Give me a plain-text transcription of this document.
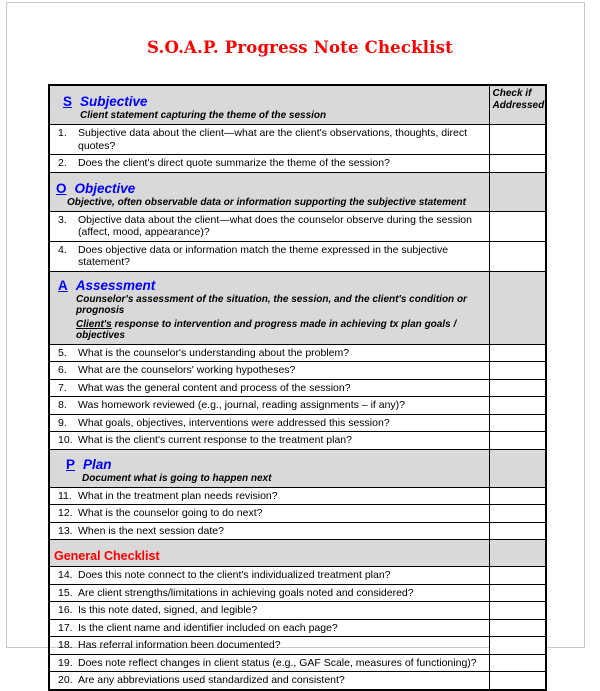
S.O.A.P. Progress Note Checklist
S Subjective
Client statement capturing the theme of the session	Check if Addressed

1. Subjective data about the client—what are the client's observations, thoughts, direct quotes?	

2. Does the client's direct quote summarize the theme of the session?	

O Objective
Objective, often observable data or information supporting the subjective statement	

3. Objective data about the client—what does the counselor observe during the session (affect, mood, appearance)?	

4. Does objective data or information match the theme expressed in the subjective statement?	

A Assessment
Counselor's assessment of the situation, the session, and the client's condition or prognosis
Client's response to intervention and progress made in achieving tx plan goals / objectives	

5. What is the counselor's understanding about the problem?	

6. What are the counselors' working hypotheses?	

7. What was the general content and process of the session?	

8. Was homework reviewed (e.g., journal, reading assignments – if any)?	

9. What goals, objectives, interventions were addressed this session?	

10. What is the client's current response to the treatment plan?	

P Plan
Document what is going to happen next	

11. What in the treatment plan needs revision?	

12. What is the counselor going to do next?	

13. When is the next session date?	

General Checklist	

14. Does this note connect to the client's individualized treatment plan?	

15. Are client strengths/limitations in achieving goals noted and considered?	

16. Is this note dated, signed, and legible?	

17. Is the client name and identifier included on each page?	

18. Has referral information been documented?	

19. Does note reflect changes in client status (e.g., GAF Scale, measures of functioning)?	

20. Are any abbreviations used standardized and consistent?	
